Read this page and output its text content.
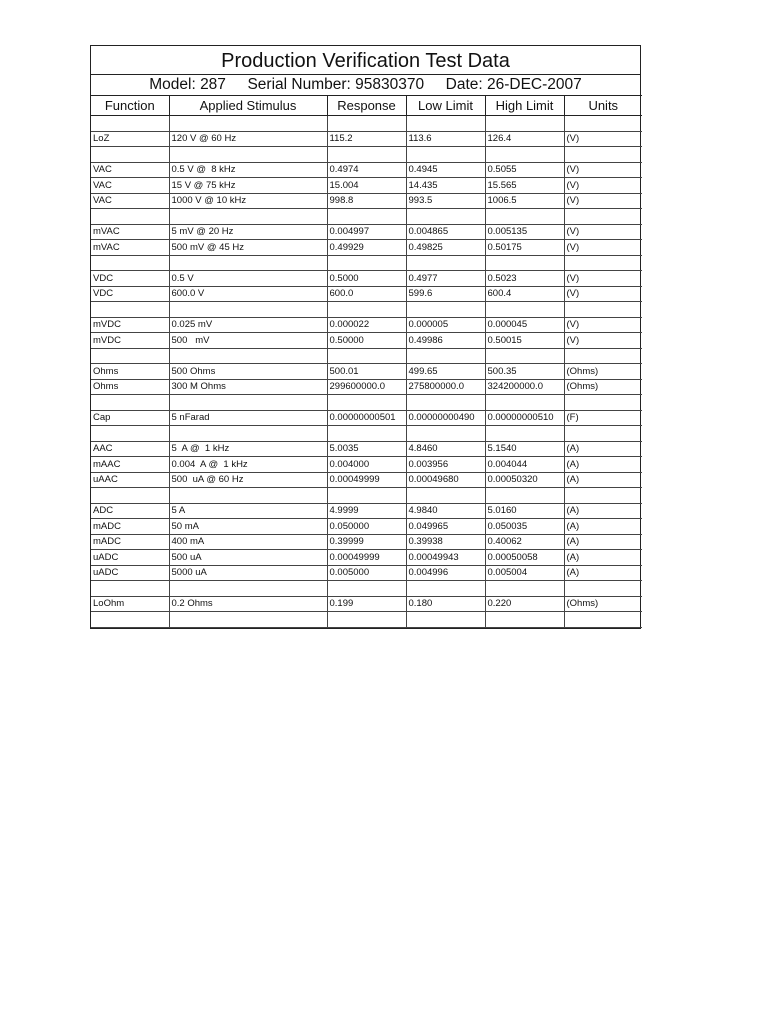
Production Verification Test Data
Model: 287     Serial Number: 95830370     Date: 26-DEC-2007
Function	Applied Stimulus	Response	Low Limit	High Limit	Units

LoZ	120 V @ 60 Hz	115.2	113.6	126.4	(V)

VAC	0.5 V @  8 kHz	0.4974	0.4945	0.5055	(V)
VAC	15 V @ 75 kHz	15.004	14.435	15.565	(V)
VAC	1000 V @ 10 kHz	998.8	993.5	1006.5	(V)

mVAC	5 mV @ 20 Hz	0.004997	0.004865	0.005135	(V)
mVAC	500 mV @ 45 Hz	0.49929	0.49825	0.50175	(V)

VDC	0.5 V	0.5000	0.4977	0.5023	(V)
VDC	600.0 V	600.0	599.6	600.4	(V)

mVDC	0.025 mV	0.000022	0.000005	0.000045	(V)
mVDC	500   mV	0.50000	0.49986	0.50015	(V)

Ohms	500 Ohms	500.01	499.65	500.35	(Ohms)
Ohms	300 M Ohms	299600000.0	275800000.0	324200000.0	(Ohms)

Cap	5 nFarad	0.00000000501	0.00000000490	0.00000000510	(F)

AAC	5  A @  1 kHz	5.0035	4.8460	5.1540	(A)
mAAC	0.004  A @  1 kHz	0.004000	0.003956	0.004044	(A)
uAAC	500  uA @ 60 Hz	0.00049999	0.00049680	0.00050320	(A)

ADC	5 A	4.9999	4.9840	5.0160	(A)
mADC	50 mA	0.050000	0.049965	0.050035	(A)
mADC	400 mA	0.39999	0.39938	0.40062	(A)
uADC	500 uA	0.00049999	0.00049943	0.00050058	(A)
uADC	5000 uA	0.005000	0.004996	0.005004	(A)

LoOhm	0.2 Ohms	0.199	0.180	0.220	(Ohms)
